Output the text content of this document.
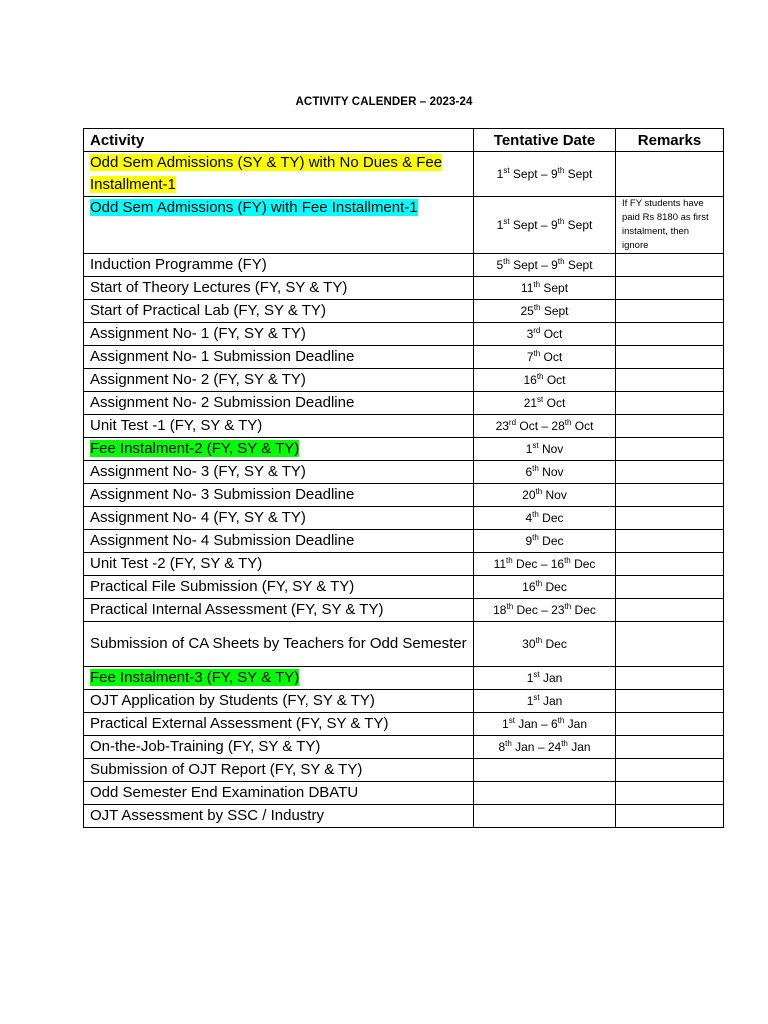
ACTIVITY CALENDER – 2023-24
Activity	Tentative Date	Remarks
Odd Sem Admissions (SY & TY) with No Dues & Fee Installment-1	1st Sept – 9th Sept	
Odd Sem Admissions (FY) with Fee Installment-1	1st Sept – 9th Sept	If FY students have paid Rs 8180 as first instalment, then ignore
Induction Programme (FY)	5th Sept – 9th Sept	
Start of Theory Lectures (FY, SY & TY)	11th Sept	
Start of Practical Lab (FY, SY & TY)	25th Sept	
Assignment No- 1 (FY, SY & TY)	3rd Oct	
Assignment No- 1 Submission Deadline	7th Oct	
Assignment No- 2 (FY, SY & TY)	16th Oct	
Assignment No- 2 Submission Deadline	21st Oct	
Unit Test -1 (FY, SY & TY)	23rd Oct – 28th Oct	
Fee Instalment-2 (FY, SY & TY)	1st Nov	
Assignment No- 3 (FY, SY & TY)	6th Nov	
Assignment No- 3 Submission Deadline	20th Nov	
Assignment No- 4 (FY, SY & TY)	4th Dec	
Assignment No- 4 Submission Deadline	9th Dec	
Unit Test -2 (FY, SY & TY)	11th Dec – 16th Dec	
Practical File Submission (FY, SY & TY)	16th Dec	
Practical Internal Assessment (FY, SY & TY)	18th Dec – 23th Dec	
Submission of CA Sheets by Teachers for Odd Semester	30th Dec	
Fee Instalment-3 (FY, SY & TY)	1st Jan	
OJT Application by Students (FY, SY & TY)	1st Jan	
Practical External Assessment (FY, SY & TY)	1st Jan – 6th Jan	
On-the-Job-Training (FY, SY & TY)	8th Jan – 24th Jan	
Submission of OJT Report (FY, SY & TY)		
Odd Semester End Examination DBATU		
OJT Assessment by SSC / Industry		
